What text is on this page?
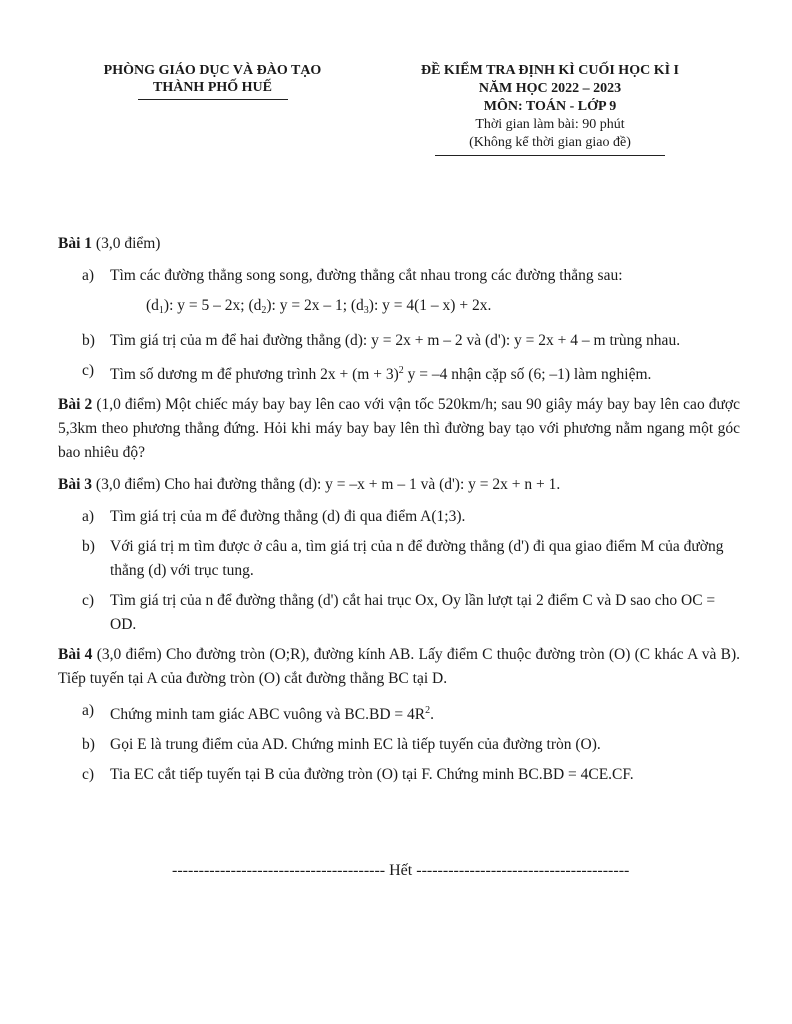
PHÒNG GIÁO DỤC VÀ ĐÀO TẠO
THÀNH PHỐ HUẾ
ĐỀ KIỂM TRA ĐỊNH KÌ CUỐI HỌC KÌ I
NĂM HỌC 2022 – 2023
MÔN: TOÁN - LỚP 9
Thời gian làm bài: 90 phút
(Không kể thời gian giao đề)
Bài 1 (3,0 điểm)
a) Tìm các đường thẳng song song, đường thẳng cắt nhau trong các đường thẳng sau:
$(d_1)$: y = 5 – 2x; $(d_2)$: y = 2x – 1; $(d_3)$: y = 4(1 – x) + 2x.
b) Tìm giá trị của m để hai đường thẳng (d): y = 2x + m – 2 và (d'): y = 2x + 4 – m trùng nhau.
c) Tìm số dương m để phương trình $2x + (m + 3)^2$ y = –4 nhận cặp số (6; –1) làm nghiệm.
Bài 2 (1,0 điểm) Một chiếc máy bay bay lên cao với vận tốc 520km/h; sau 90 giây máy bay bay lên cao được 5,3km theo phương thẳng đứng. Hỏi khi máy bay bay lên thì đường bay tạo với phương nằm ngang một góc bao nhiêu độ?
Bài 3 (3,0 điểm) Cho hai đường thẳng (d): y = –x + m – 1 và (d'): y = 2x + n + 1.
a) Tìm giá trị của m để đường thẳng (d) đi qua điểm A(1;3).
b) Với giá trị m tìm được ở câu a, tìm giá trị của n để đường thẳng (d') đi qua giao điểm M của đường thẳng (d) với trục tung.
c) Tìm giá trị của n để đường thẳng (d') cắt hai trục Ox, Oy lần lượt tại 2 điểm C và D sao cho OC = OD.
Bài 4 (3,0 điểm) Cho đường tròn (O;R), đường kính AB. Lấy điểm C thuộc đường tròn (O) (C khác A và B). Tiếp tuyến tại A của đường tròn (O) cắt đường thẳng BC tại D.
a) Chứng minh tam giác ABC vuông và $BC.BD = 4R^2$.
b) Gọi E là trung điểm của AD. Chứng minh EC là tiếp tuyến của đường tròn (O).
c) Tia EC cắt tiếp tuyến tại B của đường tròn (O) tại F. Chứng minh BC.BD = 4CE.CF.
---------------------------------------- Hết ----------------------------------------
